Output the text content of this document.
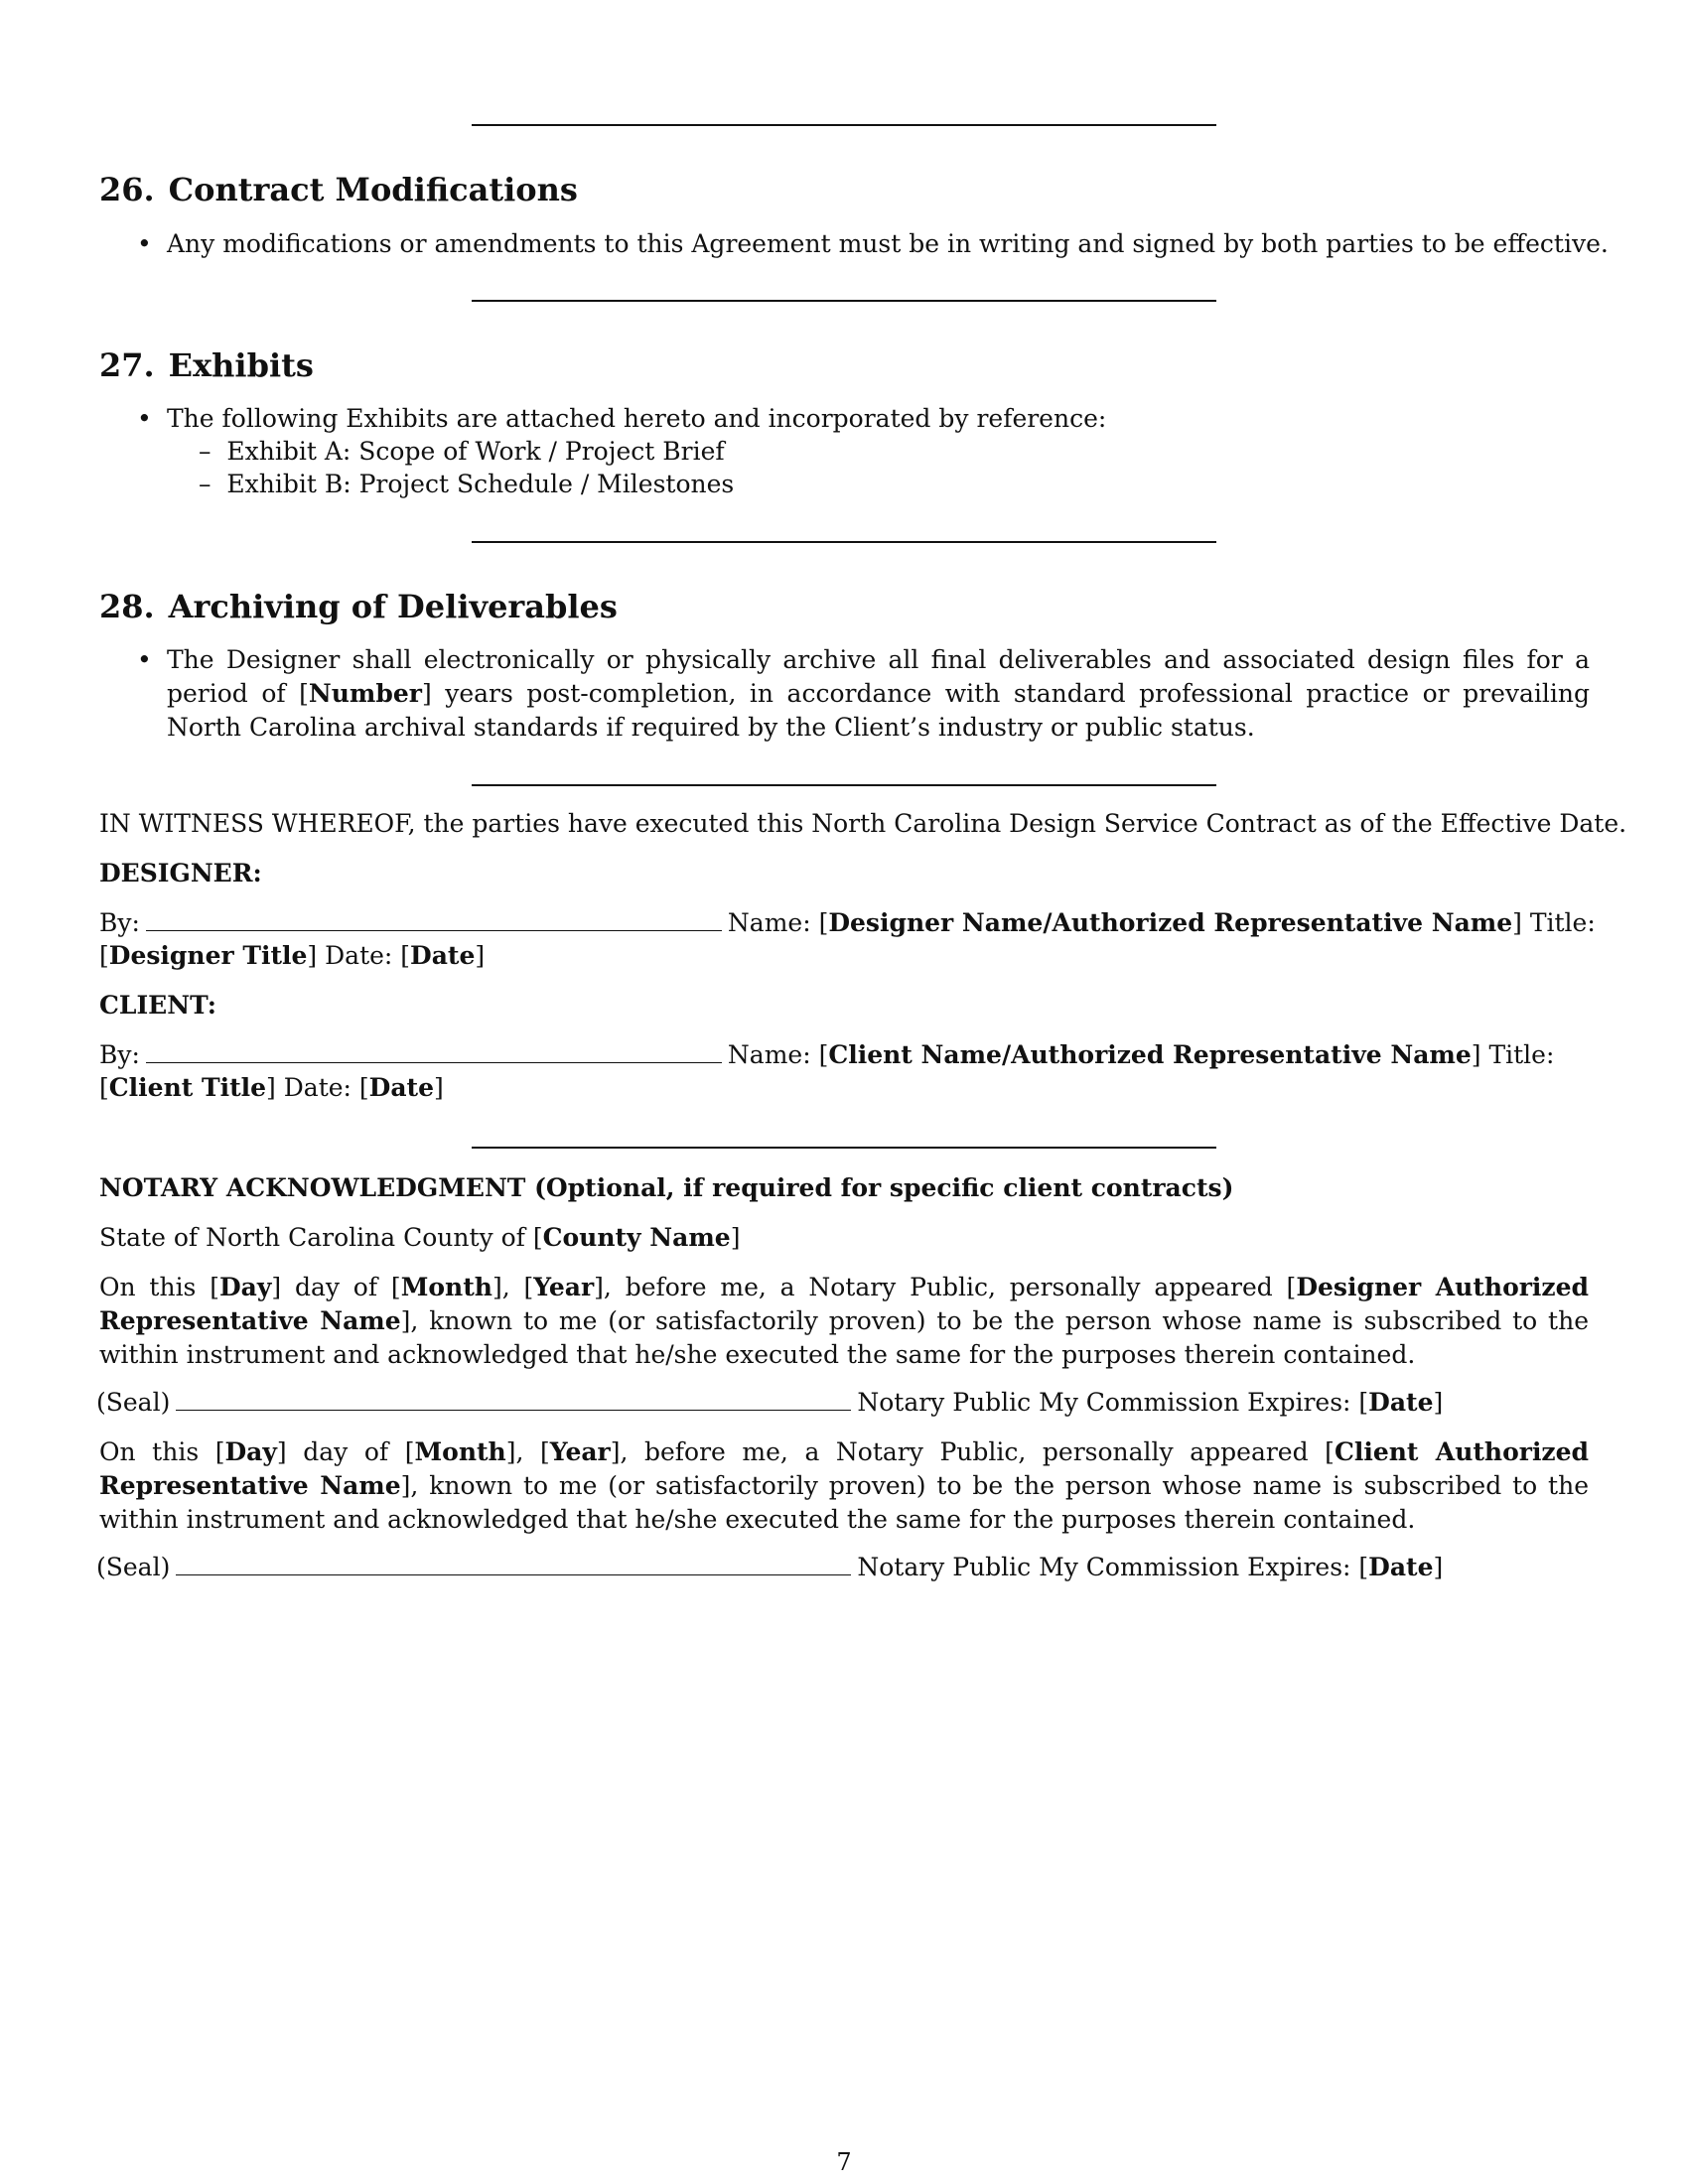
26. Contract Modifications
• Any modifications or amendments to this Agreement must be in writing and signed by both parties to be effective.
27. Exhibits
• The following Exhibits are attached hereto and incorporated by reference:
–  Exhibit A: Scope of Work / Project Brief
–  Exhibit B: Project Schedule / Milestones
28. Archiving of Deliverables
• The Designer shall electronically or physically archive all final deliverables and associated design files for a period of [Number] years post-completion, in accordance with standard professional practice or prevailing North Carolina archival standards if required by the Client’s industry or public status.
IN WITNESS WHEREOF, the parties have executed this North Carolina Design Service Contract as of the Effective Date.
DESIGNER:
By:	Name: [Designer Name/Authorized Representative Name] Title:
[Designer Title] Date: [Date]
CLIENT:
By:	Name: [Client Name/Authorized Representative Name] Title:
[Client Title] Date: [Date]
NOTARY ACKNOWLEDGMENT (Optional, if required for specific client contracts)
State of North Carolina County of [County Name]
On this [Day] day of [Month], [Year], before me, a Notary Public, personally appeared [Designer Authorized Representative Name], known to me (or satisfactorily proven) to be the person whose name is subscribed to the within instrument and acknowledged that he/she executed the same for the purposes therein contained.
(Seal)	Notary Public My Commission Expires: [Date]
On this [Day] day of [Month], [Year], before me, a Notary Public, personally appeared [Client Authorized Representative Name], known to me (or satisfactorily proven) to be the person whose name is subscribed to the within instrument and acknowledged that he/she executed the same for the purposes therein contained.
(Seal)	Notary Public My Commission Expires: [Date]
7
